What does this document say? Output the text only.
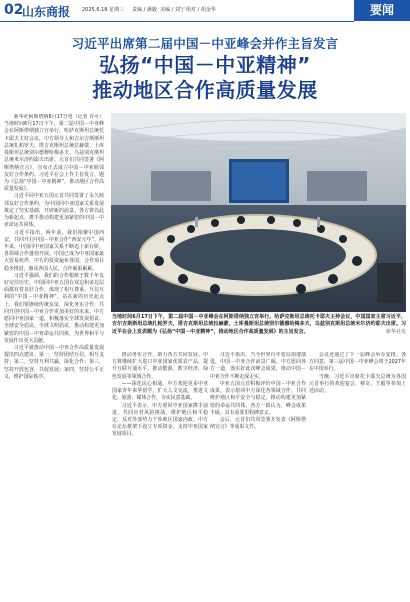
02
山东商报 2025.6.18 星期三 责编 / 潘毅 美编 / 刘宁 组对 / 胡金华	要闻
习近平出席第二届中国－中亚峰会并作主旨发言
弘扬“中国－中亚精神”
推动地区合作高质量发展

新华社阿斯塔纳6月17日电（记者 许可）当地时间6月17日下午，第二届中国－中亚峰会在阿斯塔纳独立宫举行。哈萨克斯坦总统托卡耶夫主持会议，中方领导人和吉尔吉斯斯坦总统扎帕罗夫、塔吉克斯坦总统拉赫蒙、土库曼斯坦总统别尔德穆哈梅多夫、乌兹别克斯坦总统米尔济约耶夫出席。元首们共同签署《阿斯塔纳宣言》，宣布正式成立中国－中亚睦邻友好合作条约。习近平在会上作主旨发言，题为《弘扬“中国－中亚精神”，推动地区合作高质量发展》。

习近平同中亚五国元首共同签署了永久睦邻友好合作条约，为中国同中亚国家关系发展奠定了坚实基础，开辟新的前景。各方将以此为新起点，携手推动构建更加紧密的中国－中亚命运共同体。

习近平指出，两年前，我们相聚中国西安，共同开启中国－中亚合作“西安元年”。两年来，中国同中亚国家关系不断迈上新台阶，各领域合作蓬勃开展。中国已成为中亚国家最大贸易伙伴，中方的投资遍布各国，合作项目稳步推进，惠及各国人民，合作硕果累累。

习近平强调，我们的合作根植于数千年友好交往历史，中国同中亚五国在双边和多边层面都有着良好合作，体现了相互尊重、互信互利的“中国－中亚精神”。站在新的历史起点上，我们要赓续传统友谊，深化务实合作，共同开创中国－中亚合作更加美好的未来。中方愿同中亚国家一道，积极落实全球发展倡议、全球安全倡议、全球文明倡议，推动构建更加紧密的中国－中亚命运共同体，为世界和平与发展作出更大贡献。

习近平就推动中国－中亚合作高质量发展提出四点建议：第一，坚持团结互信，相互支持；第二，坚持互利共赢，深化合作；第三，坚持开放包容，共促发展；第四，坚持公平正义，维护国际秩序。

当地时间6月17日下午，第二届中国－中亚峰会在阿斯塔纳独立宫举行。哈萨克斯坦总统托卡耶夫主持会议，中国国家主席习近平，吉尔吉斯斯坦总统扎帕罗夫，塔吉克斯坦总统拉赫蒙，土库曼斯坦总统别尔德穆哈梅多夫，乌兹别克斯坦总统米尔济约耶夫出席。习近平在会上发表题为《弘扬“中国－中亚精神”，推动地区合作高质量发展》的主旨发言。	新华社发

推动务实合作，助力各方共同发展。中方将继续扩大进口中亚国家优质农产品，提升互联互通水平，推动能源、数字经济、绿色发展等领域合作。

——深化民心相通。中方欢迎更多中亚国家青年来华留学，扩大人文交流，推进文化、旅游、媒体合作，夯实民意基础。

习近平表示，中方愿同中亚国家携手前进，共同应对风险挑战，维护地区和平稳定，反对外部势力干涉地区国家内政。中方在论坛框架下设立专项资金，支持中亚国家发展项目。

习近平指出，当今世界百年变局加速演进，中国－中亚合作前景广阔。中方愿同各方一道，落实好此次峰会成果，推动中国－中亚合作不断走深走实。

中亚五国元首积极评价中国－中亚合作成果，表示愿同中方深化各领域合作，共同维护地区和平安全与稳定，推动构建更加紧密的命运共同体。各方一致认为，峰会成果丰硕，具有重要里程碑意义。

会后，元首们共同签署并发表《阿斯塔纳宣言》等成果文件。

会议还通过了下一届峰会举办安排。各方同意，第三届中国－中亚峰会将于2027年在中国举行。

当晚，习近平出席托卡耶夫总统为各国元首举行的欢迎宴会。蔡奇、王毅等参加上述活动。
